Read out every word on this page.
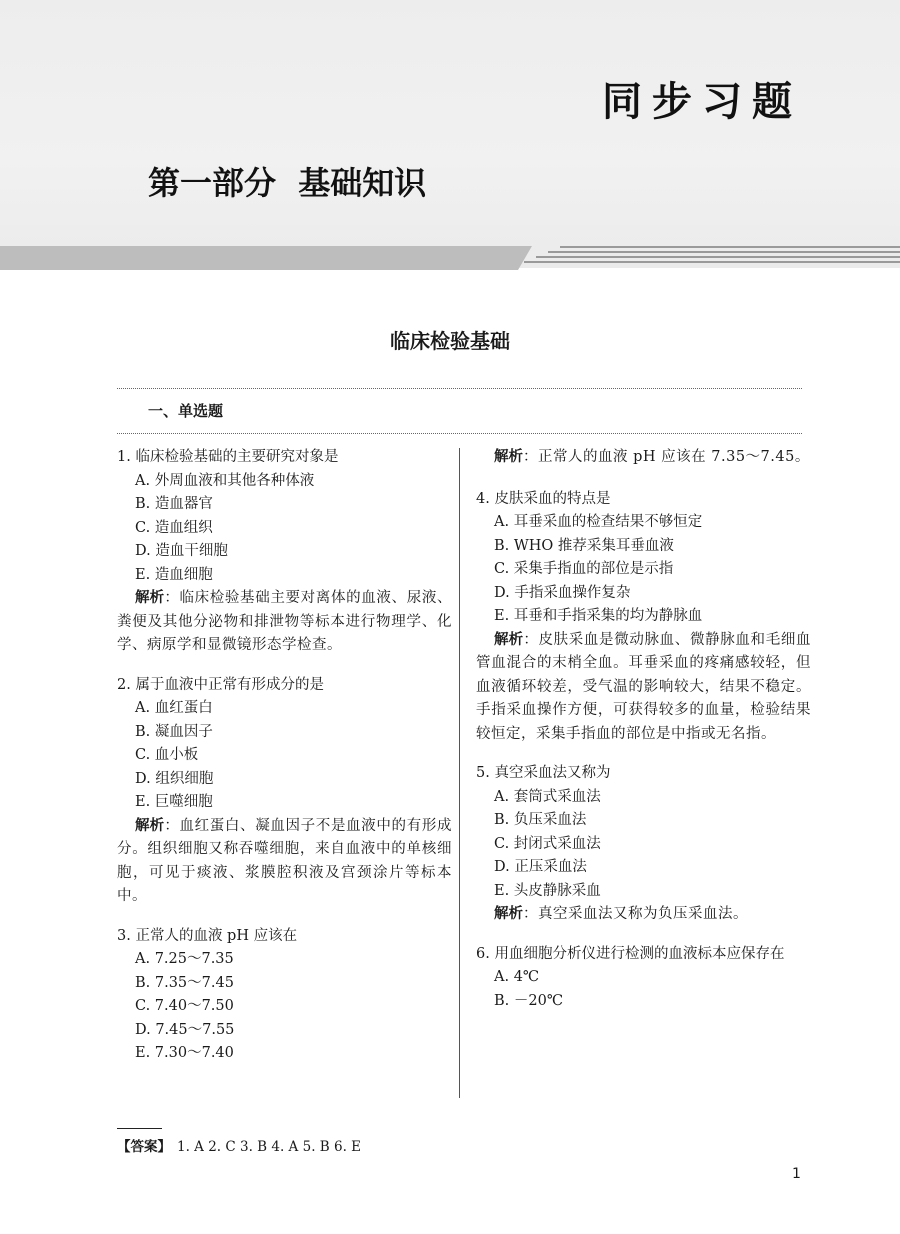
同步习题
第一部分  基础知识
临床检验基础
一、单选题
1. 临床检验基础的主要研究对象是
A. 外周血液和其他各种体液
B. 造血器官
C. 造血组织
D. 造血干细胞
E. 造血细胞
解析：临床检验基础主要对离体的血液、尿液、粪便及其他分泌物和排泄物等标本进行物理学、化学、病原学和显微镜形态学检查。
2. 属于血液中正常有形成分的是
A. 血红蛋白
B. 凝血因子
C. 血小板
D. 组织细胞
E. 巨噬细胞
解析：血红蛋白、凝血因子不是血液中的有形成分。组织细胞又称吞噬细胞，来自血液中的单核细胞，可见于痰液、浆膜腔积液及宫颈涂片等标本中。
3. 正常人的血液 pH 应该在
A. 7.25～7.35
B. 7.35～7.45
C. 7.40～7.50
D. 7.45～7.55
E. 7.30～7.40
解析：正常人的血液 pH 应该在 7.35～7.45。
4. 皮肤采血的特点是
A. 耳垂采血的检查结果不够恒定
B. WHO 推荐采集耳垂血液
C. 采集手指血的部位是示指
D. 手指采血操作复杂
E. 耳垂和手指采集的均为静脉血
解析：皮肤采血是微动脉血、微静脉血和毛细血管血混合的末梢全血。耳垂采血的疼痛感较轻，但血液循环较差，受气温的影响较大，结果不稳定。手指采血操作方便，可获得较多的血量，检验结果较恒定，采集手指血的部位是中指或无名指。
5. 真空采血法又称为
A. 套筒式采血法
B. 负压采血法
C. 封闭式采血法
D. 正压采血法
E. 头皮静脉采血
解析：真空采血法又称为负压采血法。
6. 用血细胞分析仪进行检测的血液标本应保存在
A. 4℃
B. －20℃
【答案】 1. A 2. C 3. B 4. A 5. B 6. E
1
